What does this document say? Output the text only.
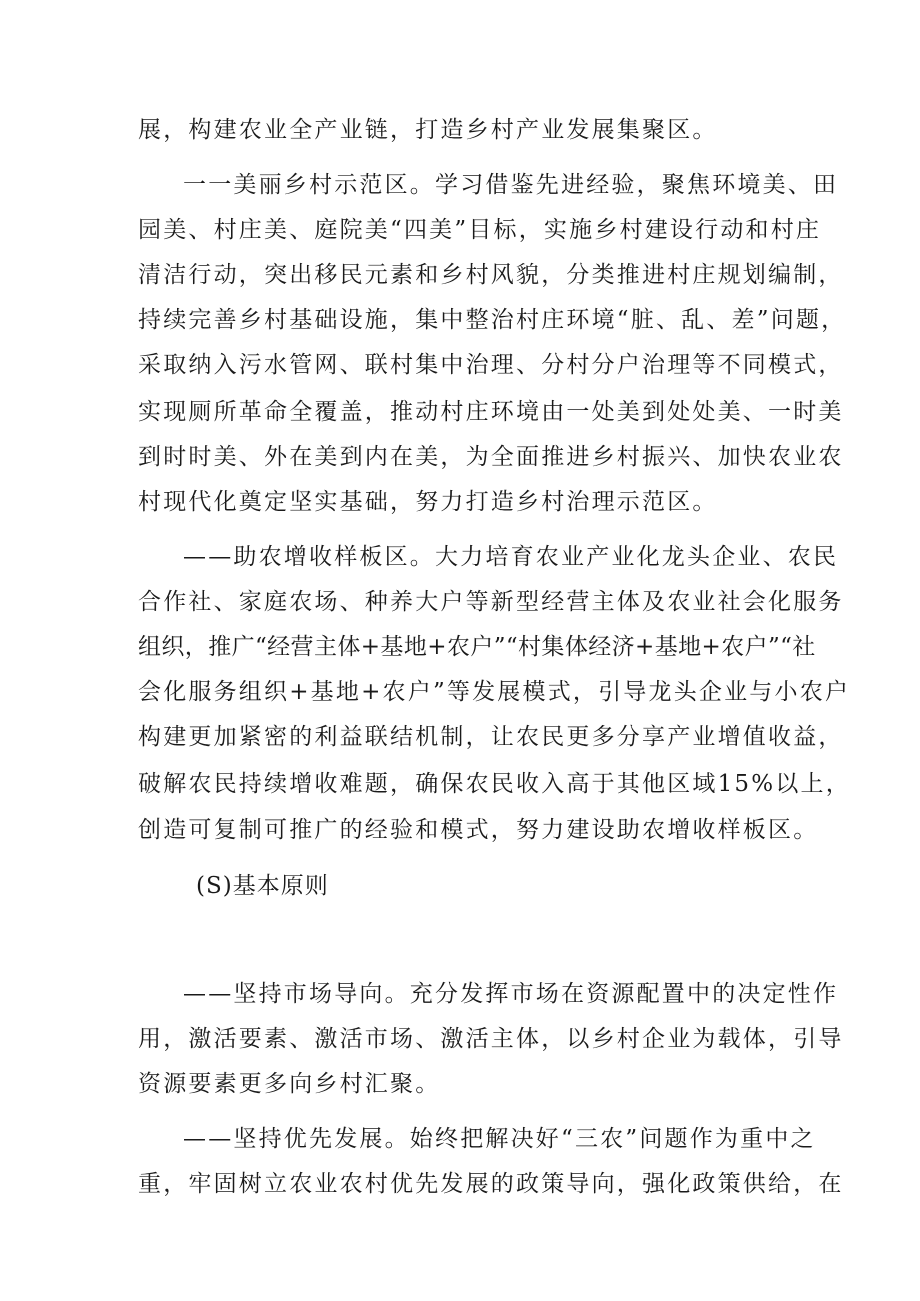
展，构建农业全产业链，打造乡村产业发展集聚区。
一一美丽乡村示范区。学习借鉴先进经验，聚焦环境美、田
园美、村庄美、庭院美“四美”目标，实施乡村建设行动和村庄
清洁行动，突出移民元素和乡村风貌，分类推进村庄规划编制，
持续完善乡村基础设施，集中整治村庄环境“脏、乱、差”问题，
采取纳入污水管网、联村集中治理、分村分户治理等不同模式，
实现厕所革命全覆盖，推动村庄环境由一处美到处处美、一时美
到时时美、外在美到内在美，为全面推进乡村振兴、加快农业农
村现代化奠定坚实基础，努力打造乡村治理示范区。
——助农增收样板区。大力培育农业产业化龙头企业、农民
合作社、家庭农场、种养大户等新型经营主体及农业社会化服务
组织，推广“经营主体+基地+农户”“村集体经济+基地+农户”“社
会化服务组织+基地+农户”等发展模式，引导龙头企业与小农户
构建更加紧密的利益联结机制，让农民更多分享产业增值收益，
破解农民持续增收难题，确保农民收入高于其他区域15%以上，
创造可复制可推广的经验和模式，努力建设助农增收样板区。
(S)基本原则
——坚持市场导向。充分发挥市场在资源配置中的决定性作
用，激活要素、激活市场、激活主体，以乡村企业为载体，引导
资源要素更多向乡村汇聚。
——坚持优先发展。始终把解决好“三农”问题作为重中之
重，牢固树立农业农村优先发展的政策导向，强化政策供给，在
